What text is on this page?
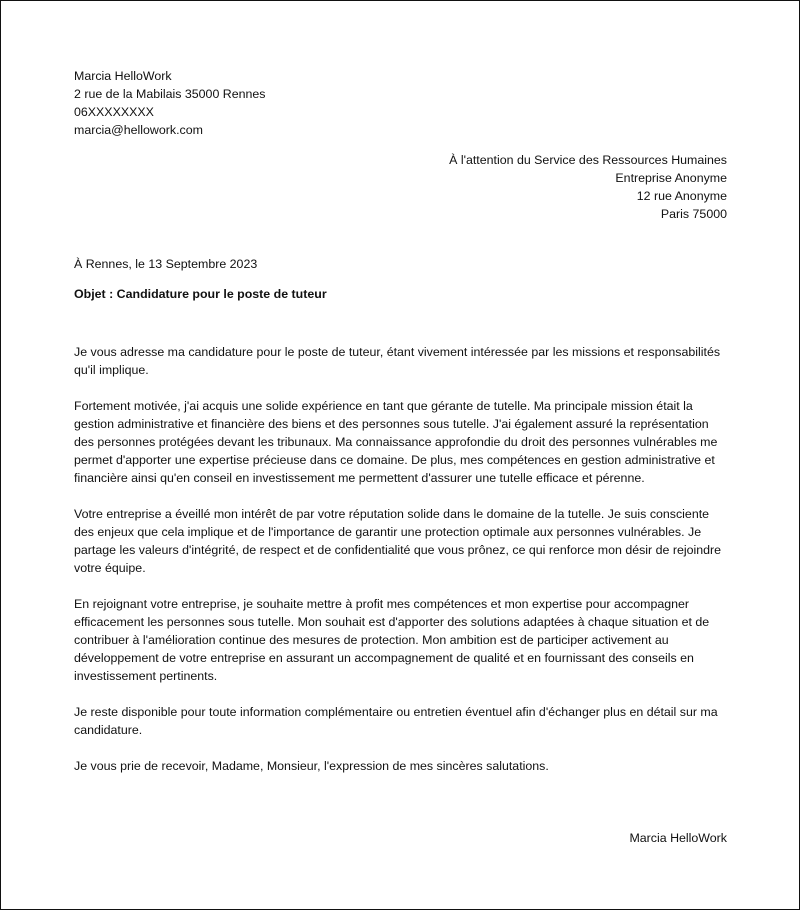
Marcia HelloWork
2 rue de la Mabilais 35000 Rennes
06XXXXXXXX
marcia@hellowork.com
À l'attention du Service des Ressources Humaines
Entreprise Anonyme
12 rue Anonyme
Paris 75000
À Rennes, le 13 Septembre 2023
Objet : Candidature pour le poste de tuteur

Je vous adresse ma candidature pour le poste de tuteur, étant vivement intéressée par les missions et responsabilités qu'il implique.

Fortement motivée, j'ai acquis une solide expérience en tant que gérante de tutelle. Ma principale mission était la gestion administrative et financière des biens et des personnes sous tutelle. J'ai également assuré la représentation des personnes protégées devant les tribunaux. Ma connaissance approfondie du droit des personnes vulnérables me permet d'apporter une expertise précieuse dans ce domaine. De plus, mes compétences en gestion administrative et financière ainsi qu'en conseil en investissement me permettent d'assurer une tutelle efficace et pérenne.

Votre entreprise a éveillé mon intérêt de par votre réputation solide dans le domaine de la tutelle. Je suis consciente des enjeux que cela implique et de l'importance de garantir une protection optimale aux personnes vulnérables. Je partage les valeurs d'intégrité, de respect et de confidentialité que vous prônez, ce qui renforce mon désir de rejoindre votre équipe.

En rejoignant votre entreprise, je souhaite mettre à profit mes compétences et mon expertise pour accompagner efficacement les personnes sous tutelle. Mon souhait est d'apporter des solutions adaptées à chaque situation et de contribuer à l'amélioration continue des mesures de protection. Mon ambition est de participer activement au développement de votre entreprise en assurant un accompagnement de qualité et en fournissant des conseils en investissement pertinents.

Je reste disponible pour toute information complémentaire ou entretien éventuel afin d'échanger plus en détail sur ma candidature.

Je vous prie de recevoir, Madame, Monsieur, l'expression de mes sincères salutations.

Marcia HelloWork
